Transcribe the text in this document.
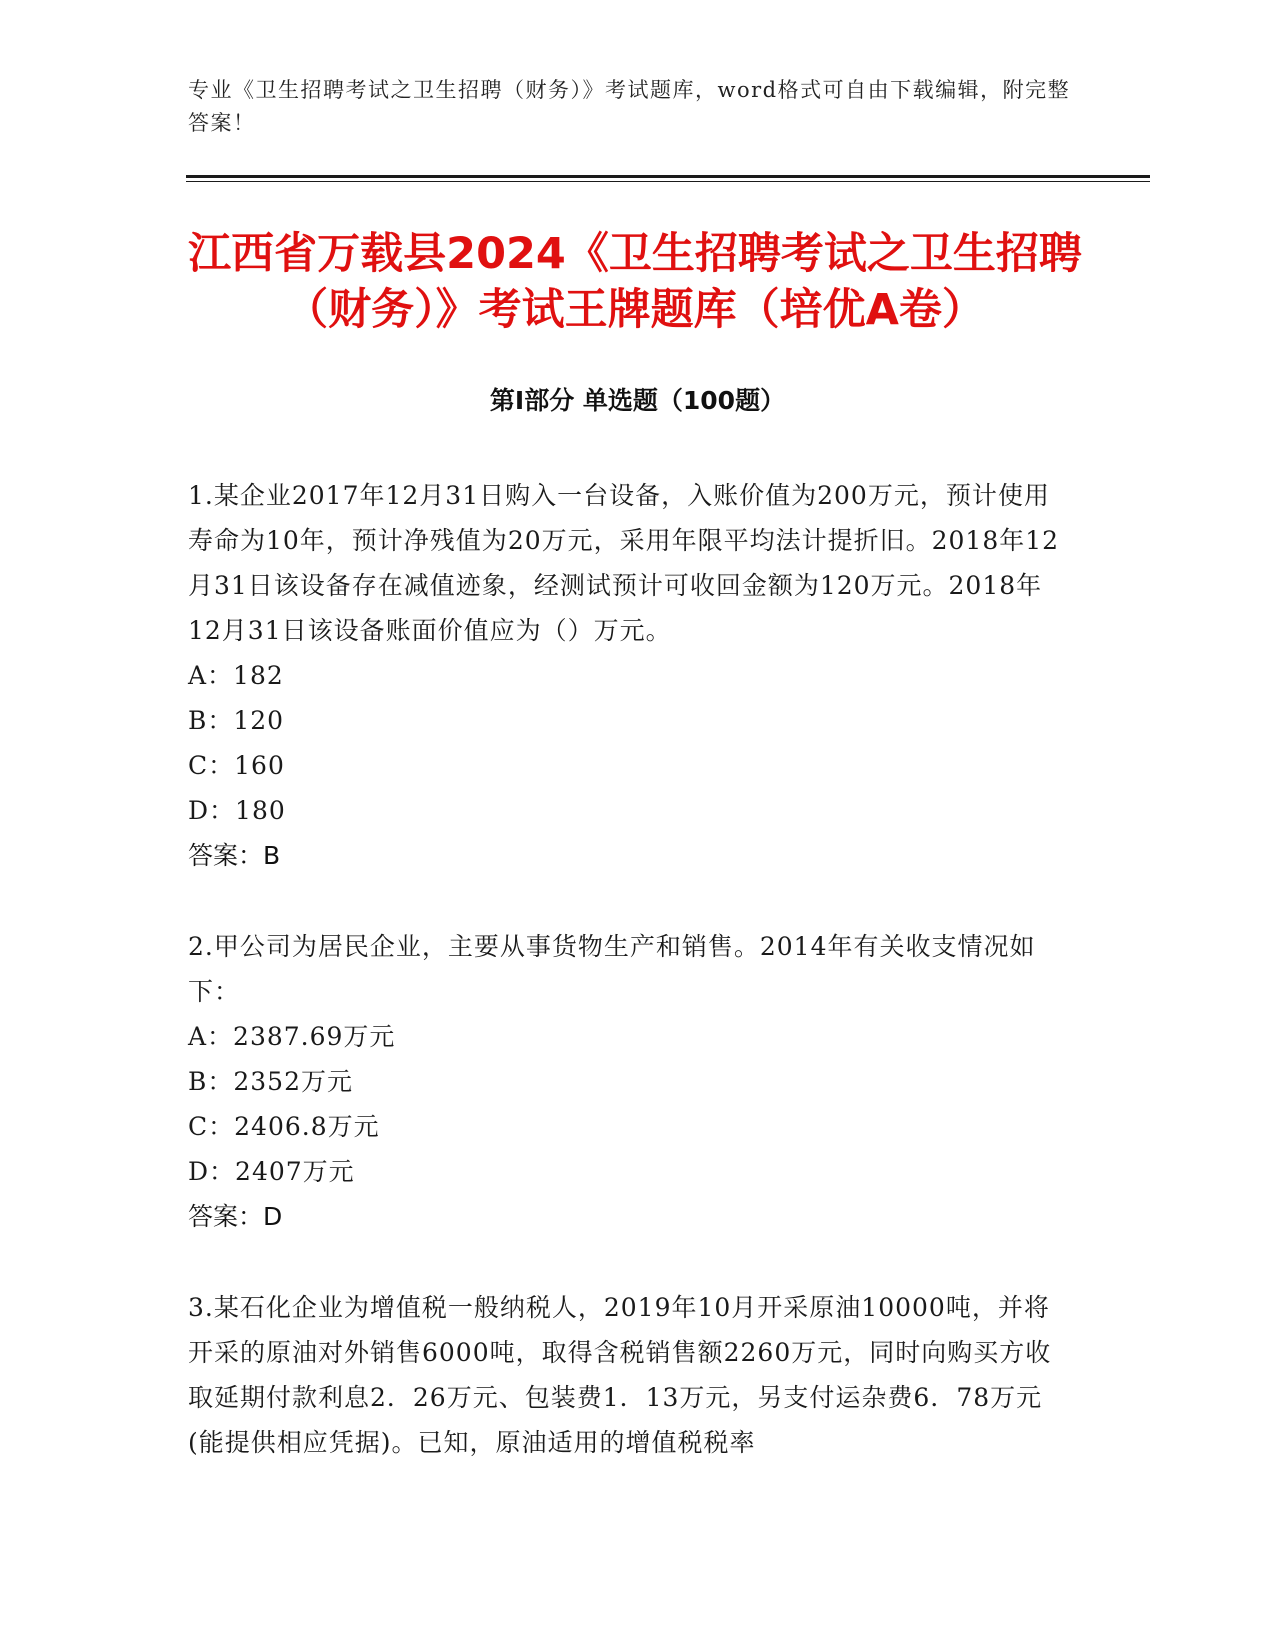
专业《卫生招聘考试之卫生招聘（财务）》考试题库，word格式可自由下载编辑，附完整答案！
江西省万载县2024《卫生招聘考试之卫生招聘（财务）》考试王牌题库（培优A卷）
第Ⅰ部分 单选题（100题）

1.某企业2017年12月31日购入一台设备，入账价值为200万元，预计使用寿命为10年，预计净残值为20万元，采用年限平均法计提折旧。2018年12月31日该设备存在减值迹象，经测试预计可收回金额为120万元。2018年12月31日该设备账面价值应为（）万元。

A：182

B：120

C：160

D：180

答案：B

2.甲公司为居民企业，主要从事货物生产和销售。2014年有关收支情况如下：

A：2387.69万元

B：2352万元

C：2406.8万元

D：2407万元

答案：D

3.某石化企业为增值税一般纳税人，2019年10月开采原油10000吨，并将开采的原油对外销售6000吨，取得含税销售额2260万元，同时向购买方收取延期付款利息2．26万元、包装费1．13万元，另支付运杂费6．78万元(能提供相应凭据)。已知，原油适用的增值税税率
